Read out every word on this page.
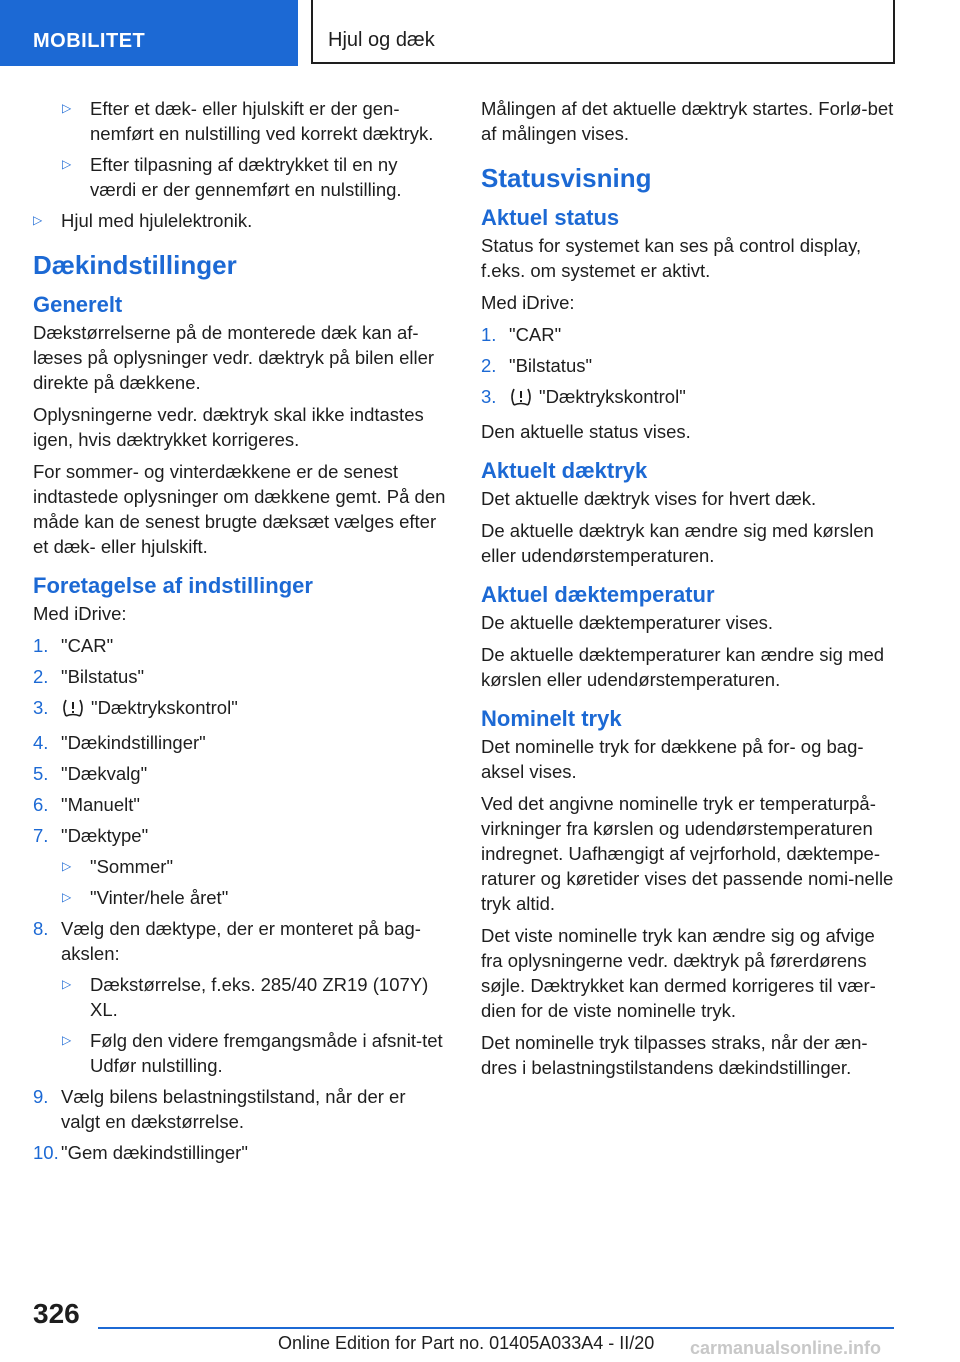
MOBILITET	Hjul og dæk
▷ Efter et dæk- eller hjulskift er der gen-nemført en nulstilling ved korrekt dæktryk.
▷ Efter tilpasning af dæktrykket til en ny værdi er der gennemført en nulstilling.
▷ Hjul med hjulelektronik.
Dækindstillinger
Generelt

Dækstørrelserne på de monterede dæk kan af-læses på oplysninger vedr. dæktryk på bilen eller direkte på dækkene.

Oplysningerne vedr. dæktryk skal ikke indtastes igen, hvis dæktrykket korrigeres.

For sommer- og vinterdækkene er de senest indtastede oplysninger om dækkene gemt. På den måde kan de senest brugte dæksæt vælges efter et dæk- eller hjulskift.

Foretagelse af indstillinger

Med iDrive:

1. "CAR"
2. "Bilstatus"
3. "Dæktrykskontrol"
4. "Dækindstillinger"
5. "Dækvalg"
6. "Manuelt"
7. "Dæktype"
▷ "Sommer"
▷ "Vinter/hele året"
8. Vælg den dæktype, der er monteret på bag-akslen:
▷ Dækstørrelse, f.eks. 285/40 ZR19 (107Y) XL.
▷ Følg den videre fremgangsmåde i afsnit-tet Udfør nulstilling.
9. Vælg bilens belastningstilstand, når der er valgt en dækstørrelse.
10. "Gem dækindstillinger"

Målingen af det aktuelle dæktryk startes. Forlø-bet af målingen vises.

Statusvisning
Aktuel status

Status for systemet kan ses på control display, f.eks. om systemet er aktivt.

Med iDrive:

1. "CAR"
2. "Bilstatus"
3. "Dæktrykskontrol"

Den aktuelle status vises.

Aktuelt dæktryk

Det aktuelle dæktryk vises for hvert dæk.

De aktuelle dæktryk kan ændre sig med kørslen eller udendørstemperaturen.

Aktuel dæktemperatur

De aktuelle dæktemperaturer vises.

De aktuelle dæktemperaturer kan ændre sig med kørslen eller udendørstemperaturen.

Nominelt tryk

Det nominelle tryk for dækkene på for- og bag-aksel vises.

Ved det angivne nominelle tryk er temperaturpå-virkninger fra kørslen og udendørstemperaturen indregnet. Uafhængigt af vejrforhold, dæktempe-raturer og køretider vises det passende nomi-nelle tryk altid.

Det viste nominelle tryk kan ændre sig og afvige fra oplysningerne vedr. dæktryk på førerdørens søjle. Dæktrykket kan dermed korrigeres til vær-dien for de viste nominelle tryk.

Det nominelle tryk tilpasses straks, når der æn-dres i belastningstilstandens dækindstillinger.

326
Online Edition for Part no. 01405A033A4 - II/20 carmanualsonline.info
